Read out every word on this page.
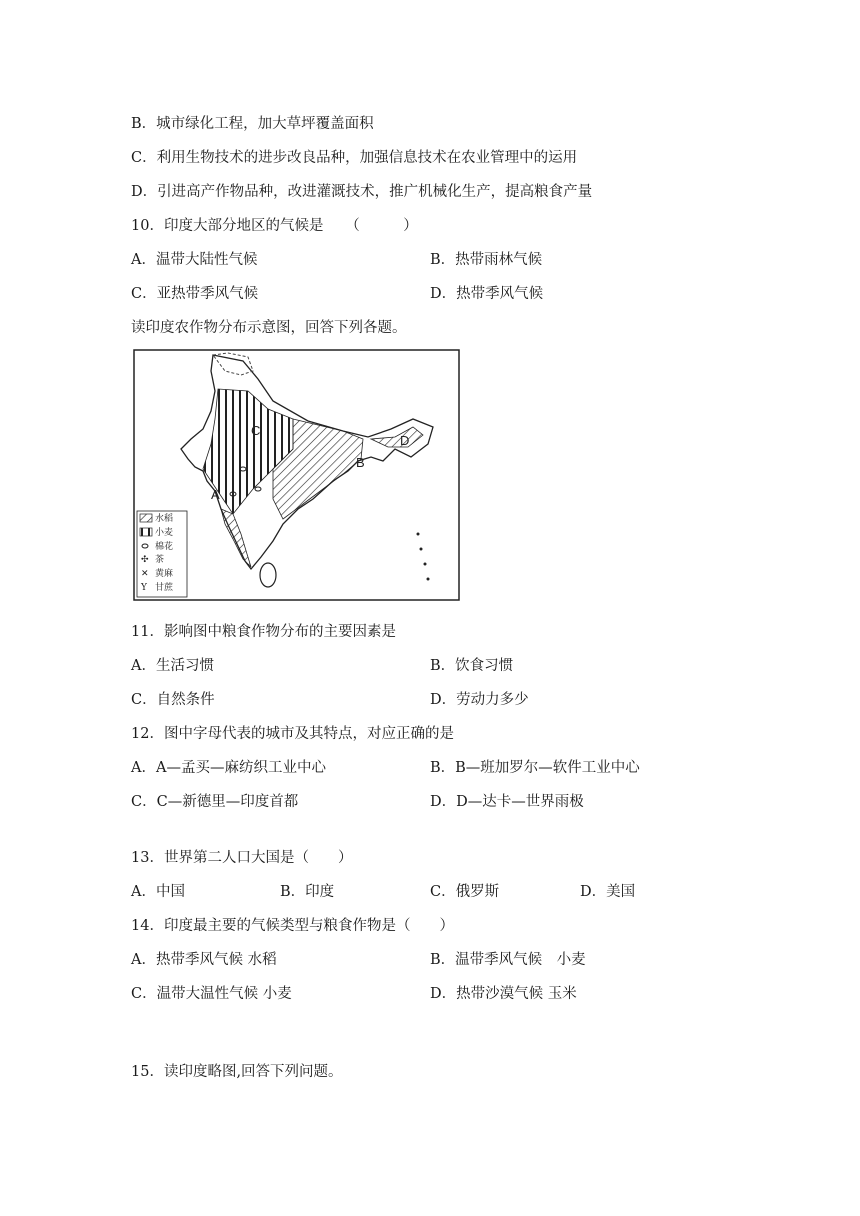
B．城市绿化工程，加大草坪覆盖面积
C．利用生物技术的进步改良品种，加强信息技术在农业管理中的运用
D．引进高产作物品种，改进灌溉技术，推广机械化生产，提高粮食产量
10．印度大部分地区的气候是　　（　　　）
A．温带大陆性气候	B．热带雨林气候
C．亚热带季风气候	D．热带季风气候
读印度农作物分布示意图，回答下列各题。
C
A
B
D
水稻
小麦
棉花
✣ 茶
✕ 黄麻
Y 甘蔗
11．影响图中粮食作物分布的主要因素是
A．生活习惯	B．饮食习惯
C．自然条件	D．劳动力多少
12．图中字母代表的城市及其特点，对应正确的是
A．A—孟买—麻纺织工业中心	B．B—班加罗尔—软件工业中心
C．C—新德里—印度首都	D．D—达卡—世界雨极
13．世界第二人口大国是（　　）
A．中国	B．印度	C．俄罗斯	D．美国
14．印度最主要的气候类型与粮食作物是（　　）
A．热带季风气候 水稻	B．温带季风气候　小麦
C．温带大温性气候 小麦	D．热带沙漠气候 玉米
15．读印度略图,回答下列问题。
